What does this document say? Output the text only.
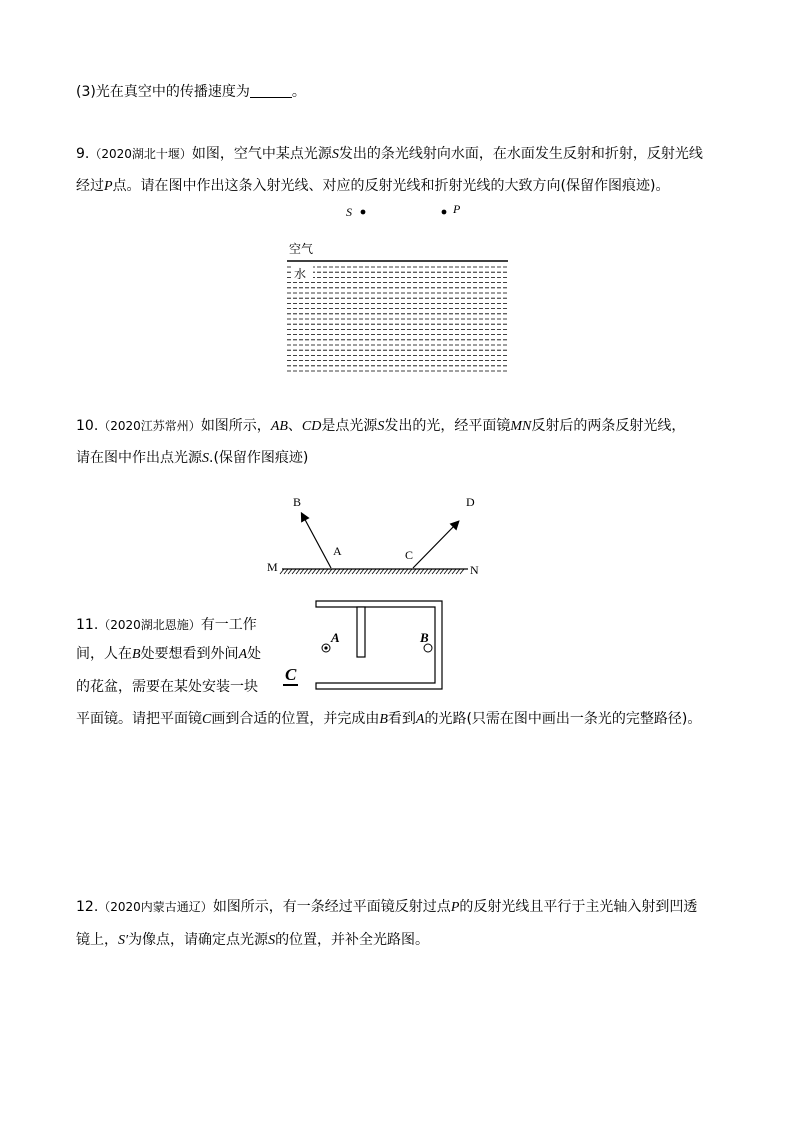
(3)光在真空中的传播速度为	。
9.（2020湖北十堰）如图，空气中某点光源S发出的条光线射向水面，在水面发生反射和折射，反射光线
经过P点。请在图中作出这条入射光线、对应的反射光线和折射光线的大致方向(保留作图痕迹)。
S	P
空气
水
10.（2020江苏常州）如图所示，AB、CD是点光源S发出的光，经平面镜MN反射后的两条反射光线，
请在图中作出点光源S.(保留作图痕迹)
B	D
A	C
M	N
11.（2020湖北恩施）有一工作
间，人在B处要想看到外间A处
的花盆，需要在某处安装一块
平面镜。请把平面镜C画到合适的位置，并完成由B看到A的光路(只需在图中画出一条光的完整路径)。
A	B
C
12.（2020内蒙古通辽）如图所示，有一条经过平面镜反射过点P的反射光线且平行于主光轴入射到凹透
镜上，S′为像点，请确定点光源S的位置，并补全光路图。
